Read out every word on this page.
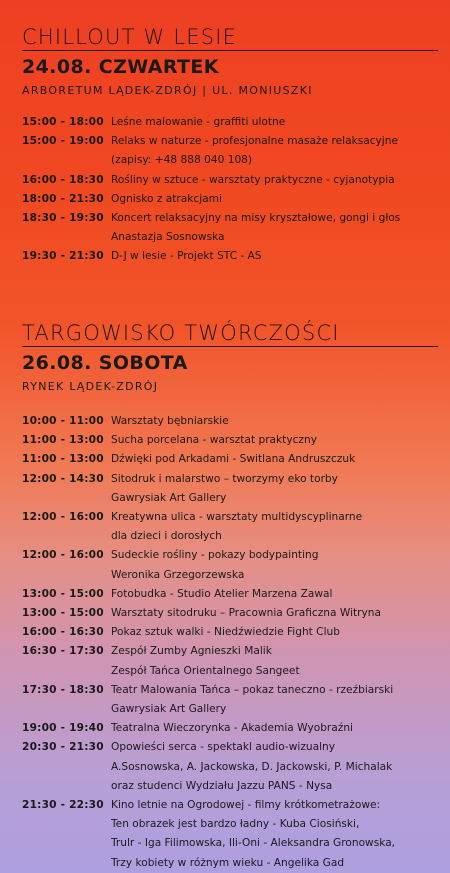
CHILLOUT W LESIE
24.08. CZWARTEK
ARBORETUM LĄDEK-ZDRÓJ | UL. MONIUSZKI
15:00 - 18:00 Leśne malowanie - graffiti ulotne
15:00 - 19:00 Relaks w naturze - profesjonalne masaże relaksacyjne
(zapisy: +48 888 040 108)
16:00 - 18:30 Rośliny w sztuce - warsztaty praktyczne - cyjanotypia
18:00 - 21:30 Ognisko z atrakcjami
18:30 - 19:30 Koncert relaksacyjny na misy kryształowe, gongi i głos
Anastazja Sosnowska
19:30 - 21:30 D-J w lesie - Projekt STC - AS
TARGOWISKO TWÓRCZOŚCI
26.08. SOBOTA
RYNEK LĄDEK-ZDRÓJ
10:00 - 11:00 Warsztaty bębniarskie
11:00 - 13:00 Sucha porcelana - warsztat praktyczny
11:00 - 13:00 Dźwięki pod Arkadami - Switlana Andruszczuk
12:00 - 14:30 Sitodruk i malarstwo – tworzymy eko torby
Gawrysiak Art Gallery
12:00 - 16:00 Kreatywna ulica - warsztaty multidyscyplinarne
dla dzieci i dorosłych
12:00 - 16:00 Sudeckie rośliny - pokazy bodypainting
Weronika Grzegorzewska
13:00 - 15:00 Fotobudka - Studio Atelier Marzena Zawal
13:00 - 15:00 Warsztaty sitodruku – Pracownia Graficzna Witryna
16:00 - 16:30 Pokaz sztuk walki - Niedźwiedzie Fight Club
16:30 - 17:30 Zespół Zumby Agnieszki Malik
Zespół Tańca Orientalnego Sangeet
17:30 - 18:30 Teatr Malowania Tańca – pokaz taneczno - rzeźbiarski
Gawrysiak Art Gallery
19:00 - 19:40 Teatralna Wieczorynka - Akademia Wyobraźni
20:30 - 21:30 Opowieści serca - spektakl audio-wizualny
A.Sosnowska, A. Jackowska, D. Jackowski, P. Michalak
oraz studenci Wydziału Jazzu PANS - Nysa
21:30 - 22:30 Kino letnie na Ogrodowej - filmy krótkometrażowe:
Ten obrazek jest bardzo ładny - Kuba Ciosiński,
Trulr - Iga Filimowska, Ili-Oni - Aleksandra Gronowska,
Trzy kobiety w różnym wieku - Angelika Gad
